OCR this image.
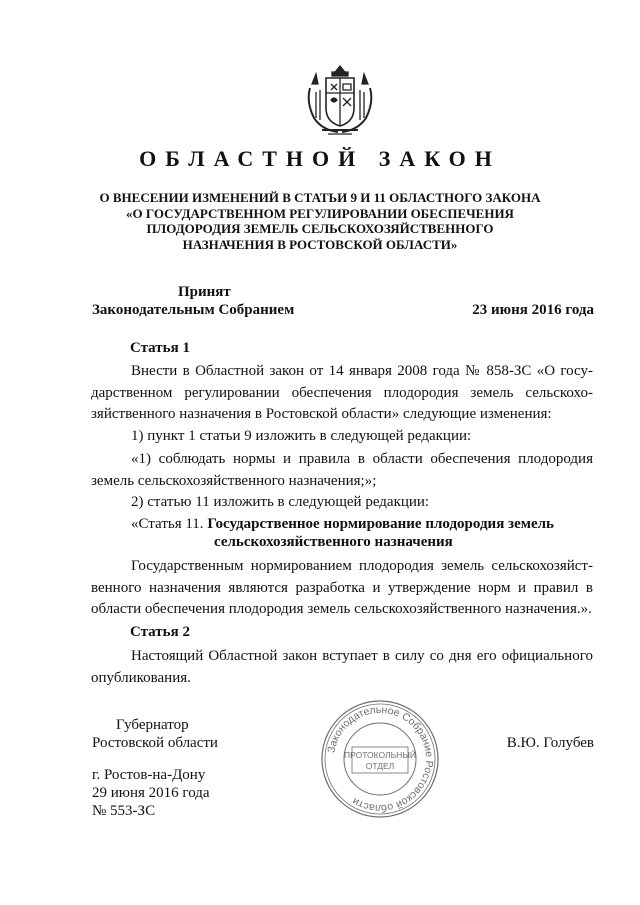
ОБЛАСТНОЙ ЗАКОН
О ВНЕСЕНИИ ИЗМЕНЕНИЙ В СТАТЬИ 9 И 11 ОБЛАСТНОГО ЗАКОНА
«О ГОСУДАРСТВЕННОМ РЕГУЛИРОВАНИИ ОБЕСПЕЧЕНИЯ
ПЛОДОРОДИЯ ЗЕМЕЛЬ СЕЛЬСКОХОЗЯЙСТВЕННОГО
НАЗНАЧЕНИЯ В РОСТОВСКОЙ ОБЛАСТИ»
Принят
Законодательным Собранием	23 июня 2016 года
Статья 1
Внести в Областной закон от 14 января 2008 года № 858-ЗС «О госу-
дарственном регулировании обеспечения плодородия земель сельскохо-
зяйственного назначения в Ростовской области» следующие изменения:
1) пункт 1 статьи 9 изложить в следующей редакции:
«1) соблюдать нормы и правила в области обеспечения плодородия
земель сельскохозяйственного назначения;»;
2) статью 11 изложить в следующей редакции:
«Статья 11. Государственное нормирование плодородия земель
сельскохозяйственного назначения
Государственным нормированием плодородия земель сельскохозяйст-
венного назначения являются разработка и утверждение норм и правил в
области обеспечения плодородия земель сельскохозяйственного назначения.».
Статья 2
Настоящий Областной закон вступает в силу со дня его официального
опубликования.
Губернатор
Ростовской области	В.Ю. Голубев
г. Ростов-на-Дону
29 июня 2016 года
№ 553-ЗС
Законодательное Собрание Ростовской области
ПРОТОКОЛЬНЫЙ
ОТДЕЛ
